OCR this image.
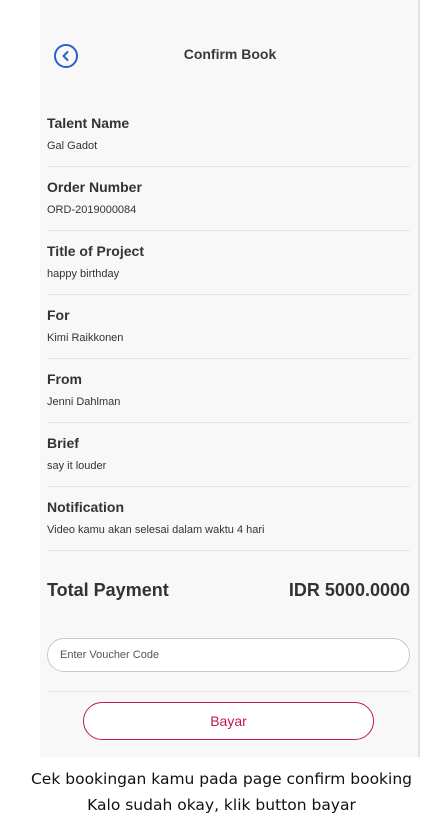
Confirm Book
Talent Name
Gal Gadot
Order Number
ORD-2019000084
Title of Project
happy birthday
For
Kimi Raikkonen
From
Jenni Dahlman
Brief
say it louder
Notification
Video kamu akan selesai dalam waktu 4 hari
Total Payment	IDR 5000.0000
Enter Voucher Code
Bayar
Cek bookingan kamu pada page confirm booking
Kalo sudah okay, klik button bayar
